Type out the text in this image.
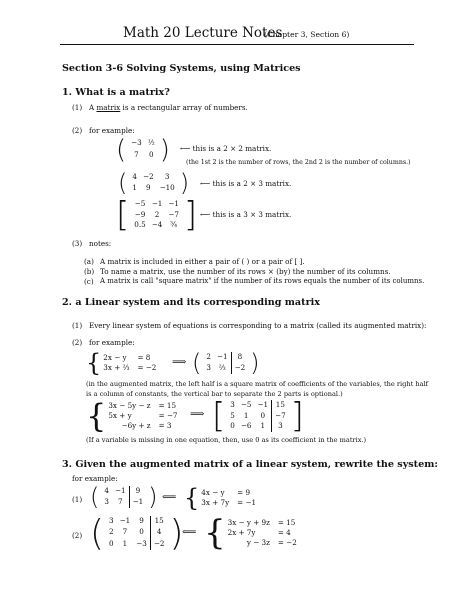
Math 20 Lecture Notes
(Chapter 3, Section 6)
Section 3-6 Solving Systems, using Matrices
1. What is a matrix?
(1) A matrix is a rectangular array of numbers.
(2) for example:
( −3 ½
7	0 ) ⟵ this is a 2 × 2 matrix.
(the 1st 2 is the number of rows, the 2nd 2 is the number of columns.)
( 4 −2	3
1	9	−10 ) ⟵ this is a 2 × 3 matrix.
[ −5 −1 −1
−9	2	−7
0.5 −4	¾ ] ⟵ this is a 3 × 3 matrix.
(3) notes:
(a) A matrix is included in either a pair of ( ) or a pair of [ ].
(b) To name a matrix, use the number of its rows × (by) the number of its columns.
(c) A matrix is call "square matrix" if the number of its rows equals the number of its columns.
2. a Linear system and its corresponding matrix
(1) Every linear system of equations is corresponding to a matrix (called its augmented matrix):
(2) for example:
{ 2x − y	= 8
3x + ⅔ = −2 ⟹ ( 2 −1	8
3	⅔	−2 )
(in the augmented matrix, the left half is a square matrix of coefficients of the variables, the right half
is a column of constants, the vertical bar to separate the 2 parts is optional.)
{ 3x − 5y − z = 15
5x + y	= −7
−6y + z = 3
⟹ [ 3 −5 −1	15
5	1	0	−7
0 −6	1	3 ]
(If a variable is missing in one equation, then, use 0 as its coefficient in the matrix.)
3. Given the augmented matrix of a linear system, rewrite the system:
for example:
(1) ( 4 −1	9
3	7	−1 ) ⟸ { 4x − y	= 9
3x + 7y = −1
(2) ( 3 −1	9	15
2	7	0	4
0	1	−3 −2 )
⟸ { 3x − y + 9z = 15
2x + 7y	= 4
y − 3z = −2
